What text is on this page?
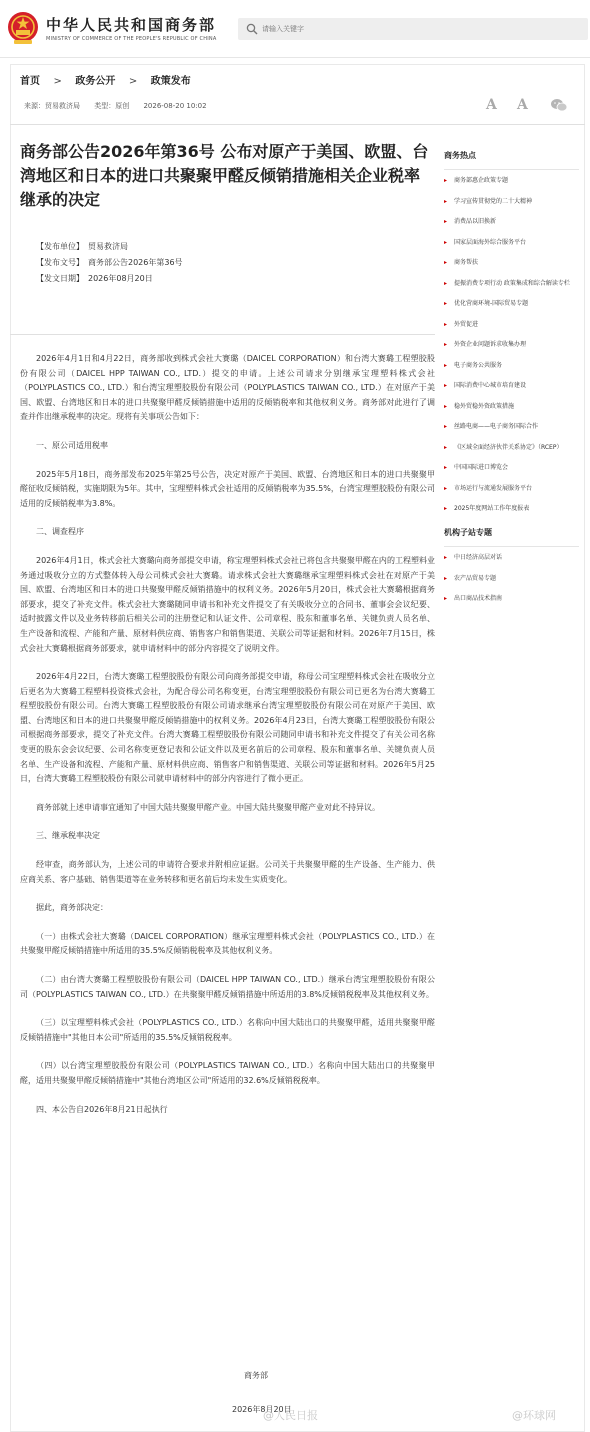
中华人民共和国商务部
MINISTRY OF COMMERCE OF THE PEOPLE'S REPUBLIC OF CHINA
请输入关键字
首页 > 政务公开 > 政策发布
来源：贸易救济局 类型：原创 2026-08-20 10:02	A A
商务部公告2026年第36号 公布对原产于美国、欧盟、台湾地区和日本的进口共聚聚甲醛反倾销措施相关企业税率继承的决定
【发布单位】 贸易救济局
【发布文号】 商务部公告2026年第36号
【发文日期】 2026年08月20日

2026年4月1日和4月22日，商务部收到株式会社大赛璐（DAICEL CORPORATION）和台湾大赛璐工程塑胶股份有限公司（DAICEL HPP TAIWAN CO., LTD.）提交的申请。上述公司请求分别继承宝理塑料株式会社（POLYPLASTICS CO., LTD.）和台湾宝理塑胶股份有限公司（POLYPLASTICS TAIWAN CO., LTD.）在对原产于美国、欧盟、台湾地区和日本的进口共聚聚甲醛反倾销措施中适用的反倾销税率和其他权利义务。商务部对此进行了调查并作出继承税率的决定。现将有关事项公告如下：

一、原公司适用税率

2025年5月18日，商务部发布2025年第25号公告，决定对原产于美国、欧盟、台湾地区和日本的进口共聚聚甲醛征收反倾销税，实施期限为5年。其中，宝理塑料株式会社适用的反倾销税率为35.5%，台湾宝理塑胶股份有限公司适用的反倾销税率为3.8%。

二、调查程序

2026年4月1日，株式会社大赛璐向商务部提交申请，称宝理塑料株式会社已将包含共聚聚甲醛在内的工程塑料业务通过吸收分立的方式整体转入母公司株式会社大赛璐。请求株式会社大赛璐继承宝理塑料株式会社在对原产于美国、欧盟、台湾地区和日本的进口共聚聚甲醛反倾销措施中的权利义务。2026年5月20日，株式会社大赛璐根据商务部要求，提交了补充文件。株式会社大赛璐随同申请书和补充文件提交了有关吸收分立的合同书、董事会会议纪要、适时披露文件以及业务转移前后相关公司的注册登记和认证文件、公司章程、股东和董事名单、关键负责人员名单、生产设备和流程、产能和产量、原材料供应商、销售客户和销售渠道、关联公司等证据和材料。2026年7月15日，株式会社大赛璐根据商务部要求，就申请材料中的部分内容提交了说明文件。

2026年4月22日，台湾大赛璐工程塑胶股份有限公司向商务部提交申请，称母公司宝理塑料株式会社在吸收分立后更名为大赛璐工程塑料投资株式会社，为配合母公司名称变更，台湾宝理塑胶股份有限公司已更名为台湾大赛璐工程塑胶股份有限公司。台湾大赛璐工程塑胶股份有限公司请求继承台湾宝理塑胶股份有限公司在对原产于美国、欧盟、台湾地区和日本的进口共聚聚甲醛反倾销措施中的权利义务。2026年4月23日，台湾大赛璐工程塑胶股份有限公司根据商务部要求，提交了补充文件。台湾大赛璐工程塑胶股份有限公司随同申请书和补充文件提交了有关公司名称变更的股东会会议纪要、公司名称变更登记表和公证文件以及更名前后的公司章程、股东和董事名单、关键负责人员名单、生产设备和流程、产能和产量、原材料供应商、销售客户和销售渠道、关联公司等证据和材料。2026年5月25日，台湾大赛璐工程塑胶股份有限公司就申请材料中的部分内容进行了微小更正。

商务部就上述申请事宜通知了中国大陆共聚聚甲醛产业。中国大陆共聚聚甲醛产业对此不持异议。

三、继承税率决定

经审查，商务部认为，上述公司的申请符合要求并附相应证据。公司关于共聚聚甲醛的生产设备、生产能力、供应商关系、客户基础、销售渠道等在业务转移和更名前后均未发生实质变化。

据此，商务部决定：

（一）由株式会社大赛璐（DAICEL CORPORATION）继承宝理塑料株式会社（POLYPLASTICS CO., LTD.）在共聚聚甲醛反倾销措施中所适用的35.5%反倾销税税率及其他权利义务。

（二）由台湾大赛璐工程塑胶股份有限公司（DAICEL HPP TAIWAN CO., LTD.）继承台湾宝理塑胶股份有限公司（POLYPLASTICS TAIWAN CO., LTD.）在共聚聚甲醛反倾销措施中所适用的3.8%反倾销税税率及其他权利义务。

（三）以宝理塑料株式会社（POLYPLASTICS CO., LTD.）名称向中国大陆出口的共聚聚甲醛，适用共聚聚甲醛反倾销措施中"其他日本公司"所适用的35.5%反倾销税税率。

（四）以台湾宝理塑胶股份有限公司（POLYPLASTICS TAIWAN CO., LTD.）名称向中国大陆出口的共聚聚甲醛，适用共聚聚甲醛反倾销措施中"其他台湾地区公司"所适用的32.6%反倾销税税率。

四、本公告自2026年8月21日起执行

商务部
2026年8月20日
@人民日报	@环球网
商务热点
▸ 商务部惠企政策专题
▸ 学习宣传贯彻党的二十大精神
▸ 消费品以旧换新
▸ 国家层面海外综合服务平台
▸ 商务帮扶
▸ 提振消费专项行动 政策集成和综合解读专栏
▸ 优化营商环境-国际贸易专题
▸ 外贸促进
▸ 外资企业问题诉求收集办理
▸ 电子商务公共服务
▸ 国际消费中心城市培育建设
▸ 稳外贸稳外资政策措施
▸ 丝路电商——电子商务国际合作
▸ 《区域全面经济伙伴关系协定》（RCEP）
▸ 中国国际进口博览会
▸ 市场运行与流通发展服务平台
▸ 2025年度网站工作年度报表
机构子站专题
▸ 中日经济高层对话
▸ 农产品贸易专题
▸ 出口商品技术指南
